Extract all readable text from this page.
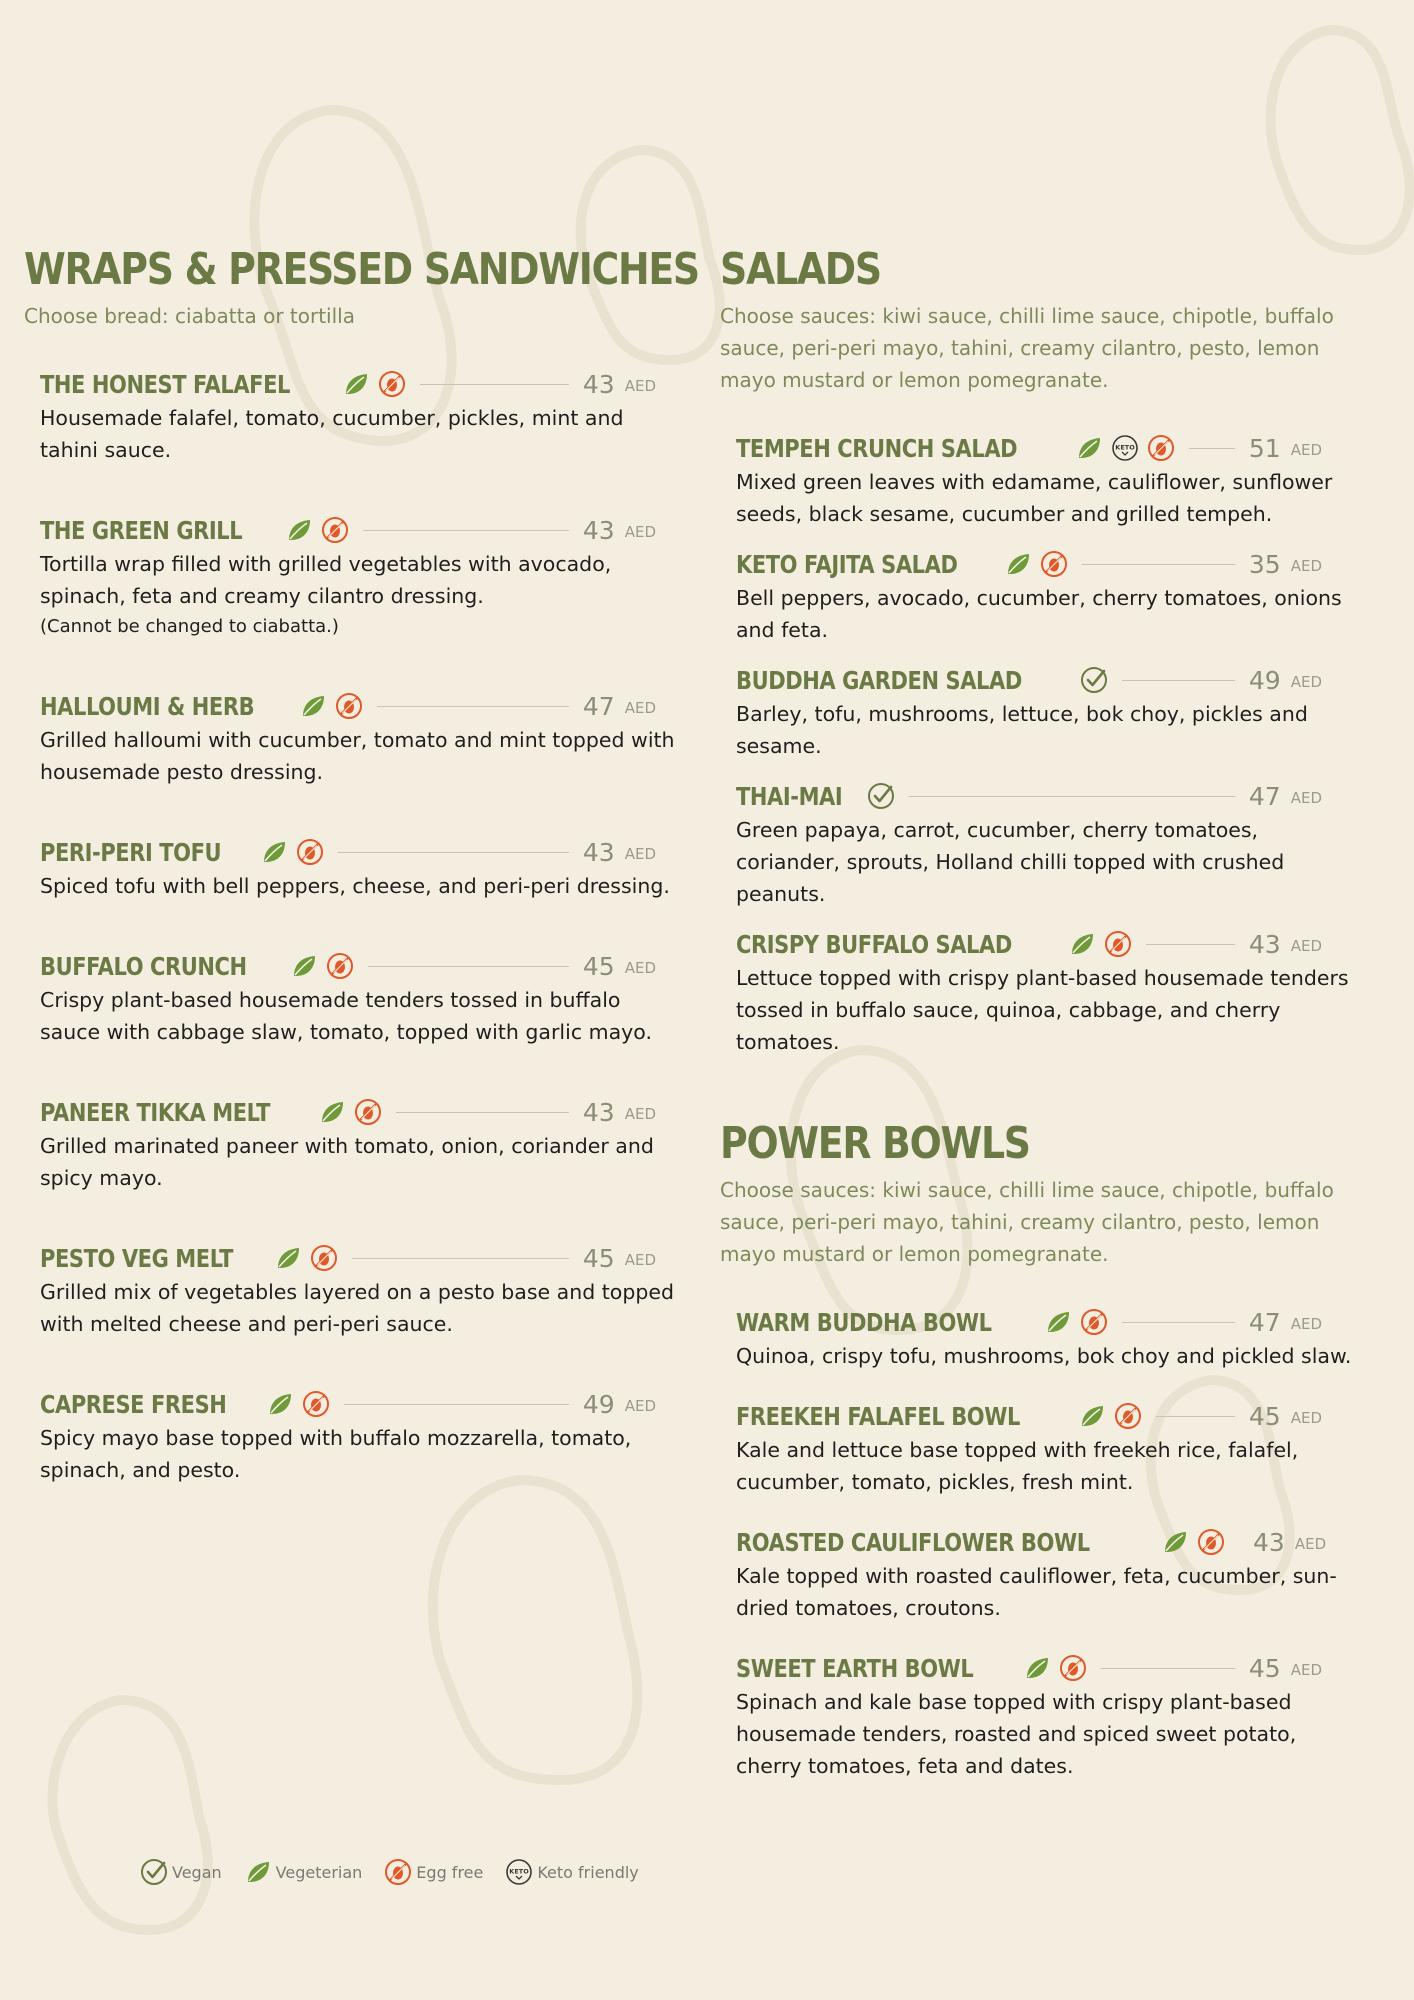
WRAPS & PRESSED SANDWICHES

Choose bread: ciabatta or tortilla

THE HONEST FALAFEL	43 AED

Housemade falafel, tomato, cucumber, pickles, mint and tahini sauce.

THE GREEN GRILL	43 AED

Tortilla wrap filled with grilled vegetables with avocado, spinach, feta and creamy cilantro dressing.

(Cannot be changed to ciabatta.)

HALLOUMI & HERB	47 AED

Grilled halloumi with cucumber, tomato and mint topped with housemade pesto dressing.

PERI-PERI TOFU	43 AED

Spiced tofu with bell peppers, cheese, and peri-peri dressing.

BUFFALO CRUNCH	45 AED

Crispy plant-based housemade tenders tossed in buffalo sauce with cabbage slaw, tomato, topped with garlic mayo.

PANEER TIKKA MELT	43 AED

Grilled marinated paneer with tomato, onion, coriander and spicy mayo.

PESTO VEG MELT	45 AED

Grilled mix of vegetables layered on a pesto base and topped with melted cheese and peri-peri sauce.

CAPRESE FRESH	49 AED

Spicy mayo base topped with buffalo mozzarella, tomato, spinach, and pesto.

SALADS

Choose sauces: kiwi sauce, chilli lime sauce, chipotle, buffalo sauce, peri-peri mayo, tahini, creamy cilantro, pesto, lemon mayo mustard or lemon pomegranate.

TEMPEH CRUNCH SALAD	KETO	51 AED

Mixed green leaves with edamame, cauliflower, sunflower seeds, black sesame, cucumber and grilled tempeh.

KETO FAJITA SALAD	35 AED

Bell peppers, avocado, cucumber, cherry tomatoes, onions and feta.

BUDDHA GARDEN SALAD	49 AED

Barley, tofu, mushrooms, lettuce, bok choy, pickles and sesame.

THAI-MAI	47 AED

Green papaya, carrot, cucumber, cherry tomatoes, coriander, sprouts, Holland chilli topped with crushed peanuts.

CRISPY BUFFALO SALAD	43 AED

Lettuce topped with crispy plant-based housemade tenders tossed in buffalo sauce, quinoa, cabbage, and cherry tomatoes.

POWER BOWLS

Choose sauces: kiwi sauce, chilli lime sauce, chipotle, buffalo sauce, peri-peri mayo, tahini, creamy cilantro, pesto, lemon mayo mustard or lemon pomegranate.

WARM BUDDHA BOWL	47 AED

Quinoa, crispy tofu, mushrooms, bok choy and pickled slaw.

FREEKEH FALAFEL BOWL	45 AED

Kale and lettuce base topped with freekeh rice, falafel, cucumber, tomato, pickles, fresh mint.

ROASTED CAULIFLOWER BOWL	43 AED

Kale topped with roasted cauliflower, feta, cucumber, sun-dried tomatoes, croutons.

SWEET EARTH BOWL	45 AED

Spinach and kale base topped with crispy plant-based housemade tenders, roasted and spiced sweet potato, cherry tomatoes, feta and dates.

Vegan	Vegeterian	Egg free	KETO Keto friendly
